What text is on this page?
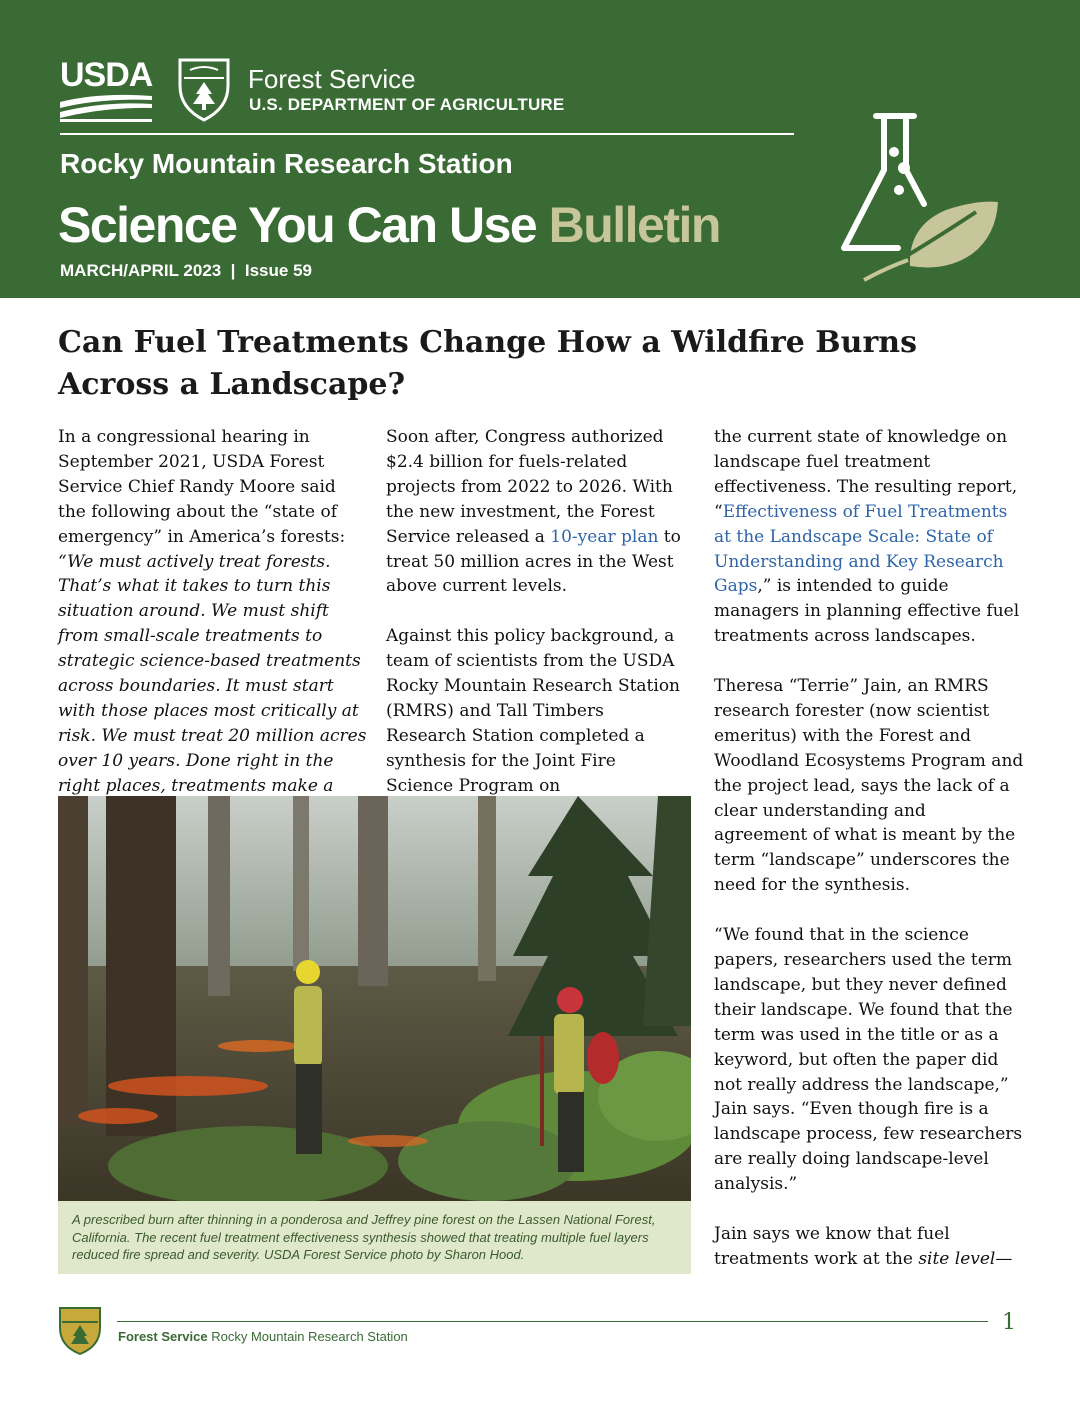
USDA	Forest Service
U.S. DEPARTMENT OF AGRICULTURE
Rocky Mountain Research Station
Science You Can Use Bulletin
MARCH/APRIL 2023  |  Issue 59
Can Fuel Treatments Change How a Wildfire Burns Across a Landscape?

In a congressional hearing in September 2021, USDA Forest Service Chief Randy Moore said the following about the “state of emergency” in America’s forests: “We must actively treat forests. That’s what it takes to turn this situation around. We must shift from small-scale treatments to strategic science-based treatments across boundaries. It must start with those places most critically at risk. We must treat 20 million acres over 10 years. Done right in the right places, treatments make a

Soon after, Congress authorized $2.4 billion for fuels-related projects from 2022 to 2026. With the new investment, the Forest Service released a 10-year plan to treat 50 million acres in the West above current levels.

Against this policy background, a team of scientists from the USDA Rocky Mountain Research Station (RMRS) and Tall Timbers Research Station completed a synthesis for the Joint Fire Science Program on

the current state of knowledge on landscape fuel treatment effectiveness. The resulting report, “Effectiveness of Fuel Treatments at the Landscape Scale: State of Understanding and Key Research Gaps,” is intended to guide managers in planning effective fuel treatments across landscapes.

Theresa “Terrie” Jain, an RMRS research forester (now scientist emeritus) with the Forest and Woodland Ecosystems Program and the project lead, says the lack of a clear understanding and agreement of what is meant by the term “landscape” underscores the need for the synthesis.

“We found that in the science papers, researchers used the term landscape, but they never defined their landscape. We found that the term was used in the title or as a keyword, but often the paper did not really address the landscape,” Jain says. “Even though fire is a landscape process, few researchers are really doing landscape-level analysis.”

Jain says we know that fuel treatments work at the site level—

A prescribed burn after thinning in a ponderosa and Jeffrey pine forest on the Lassen National Forest, California. The recent fuel treatment effectiveness synthesis showed that treating multiple fuel layers reduced fire spread and severity. USDA Forest Service photo by Sharon Hood.
Forest Service Rocky Mountain Research Station
1
